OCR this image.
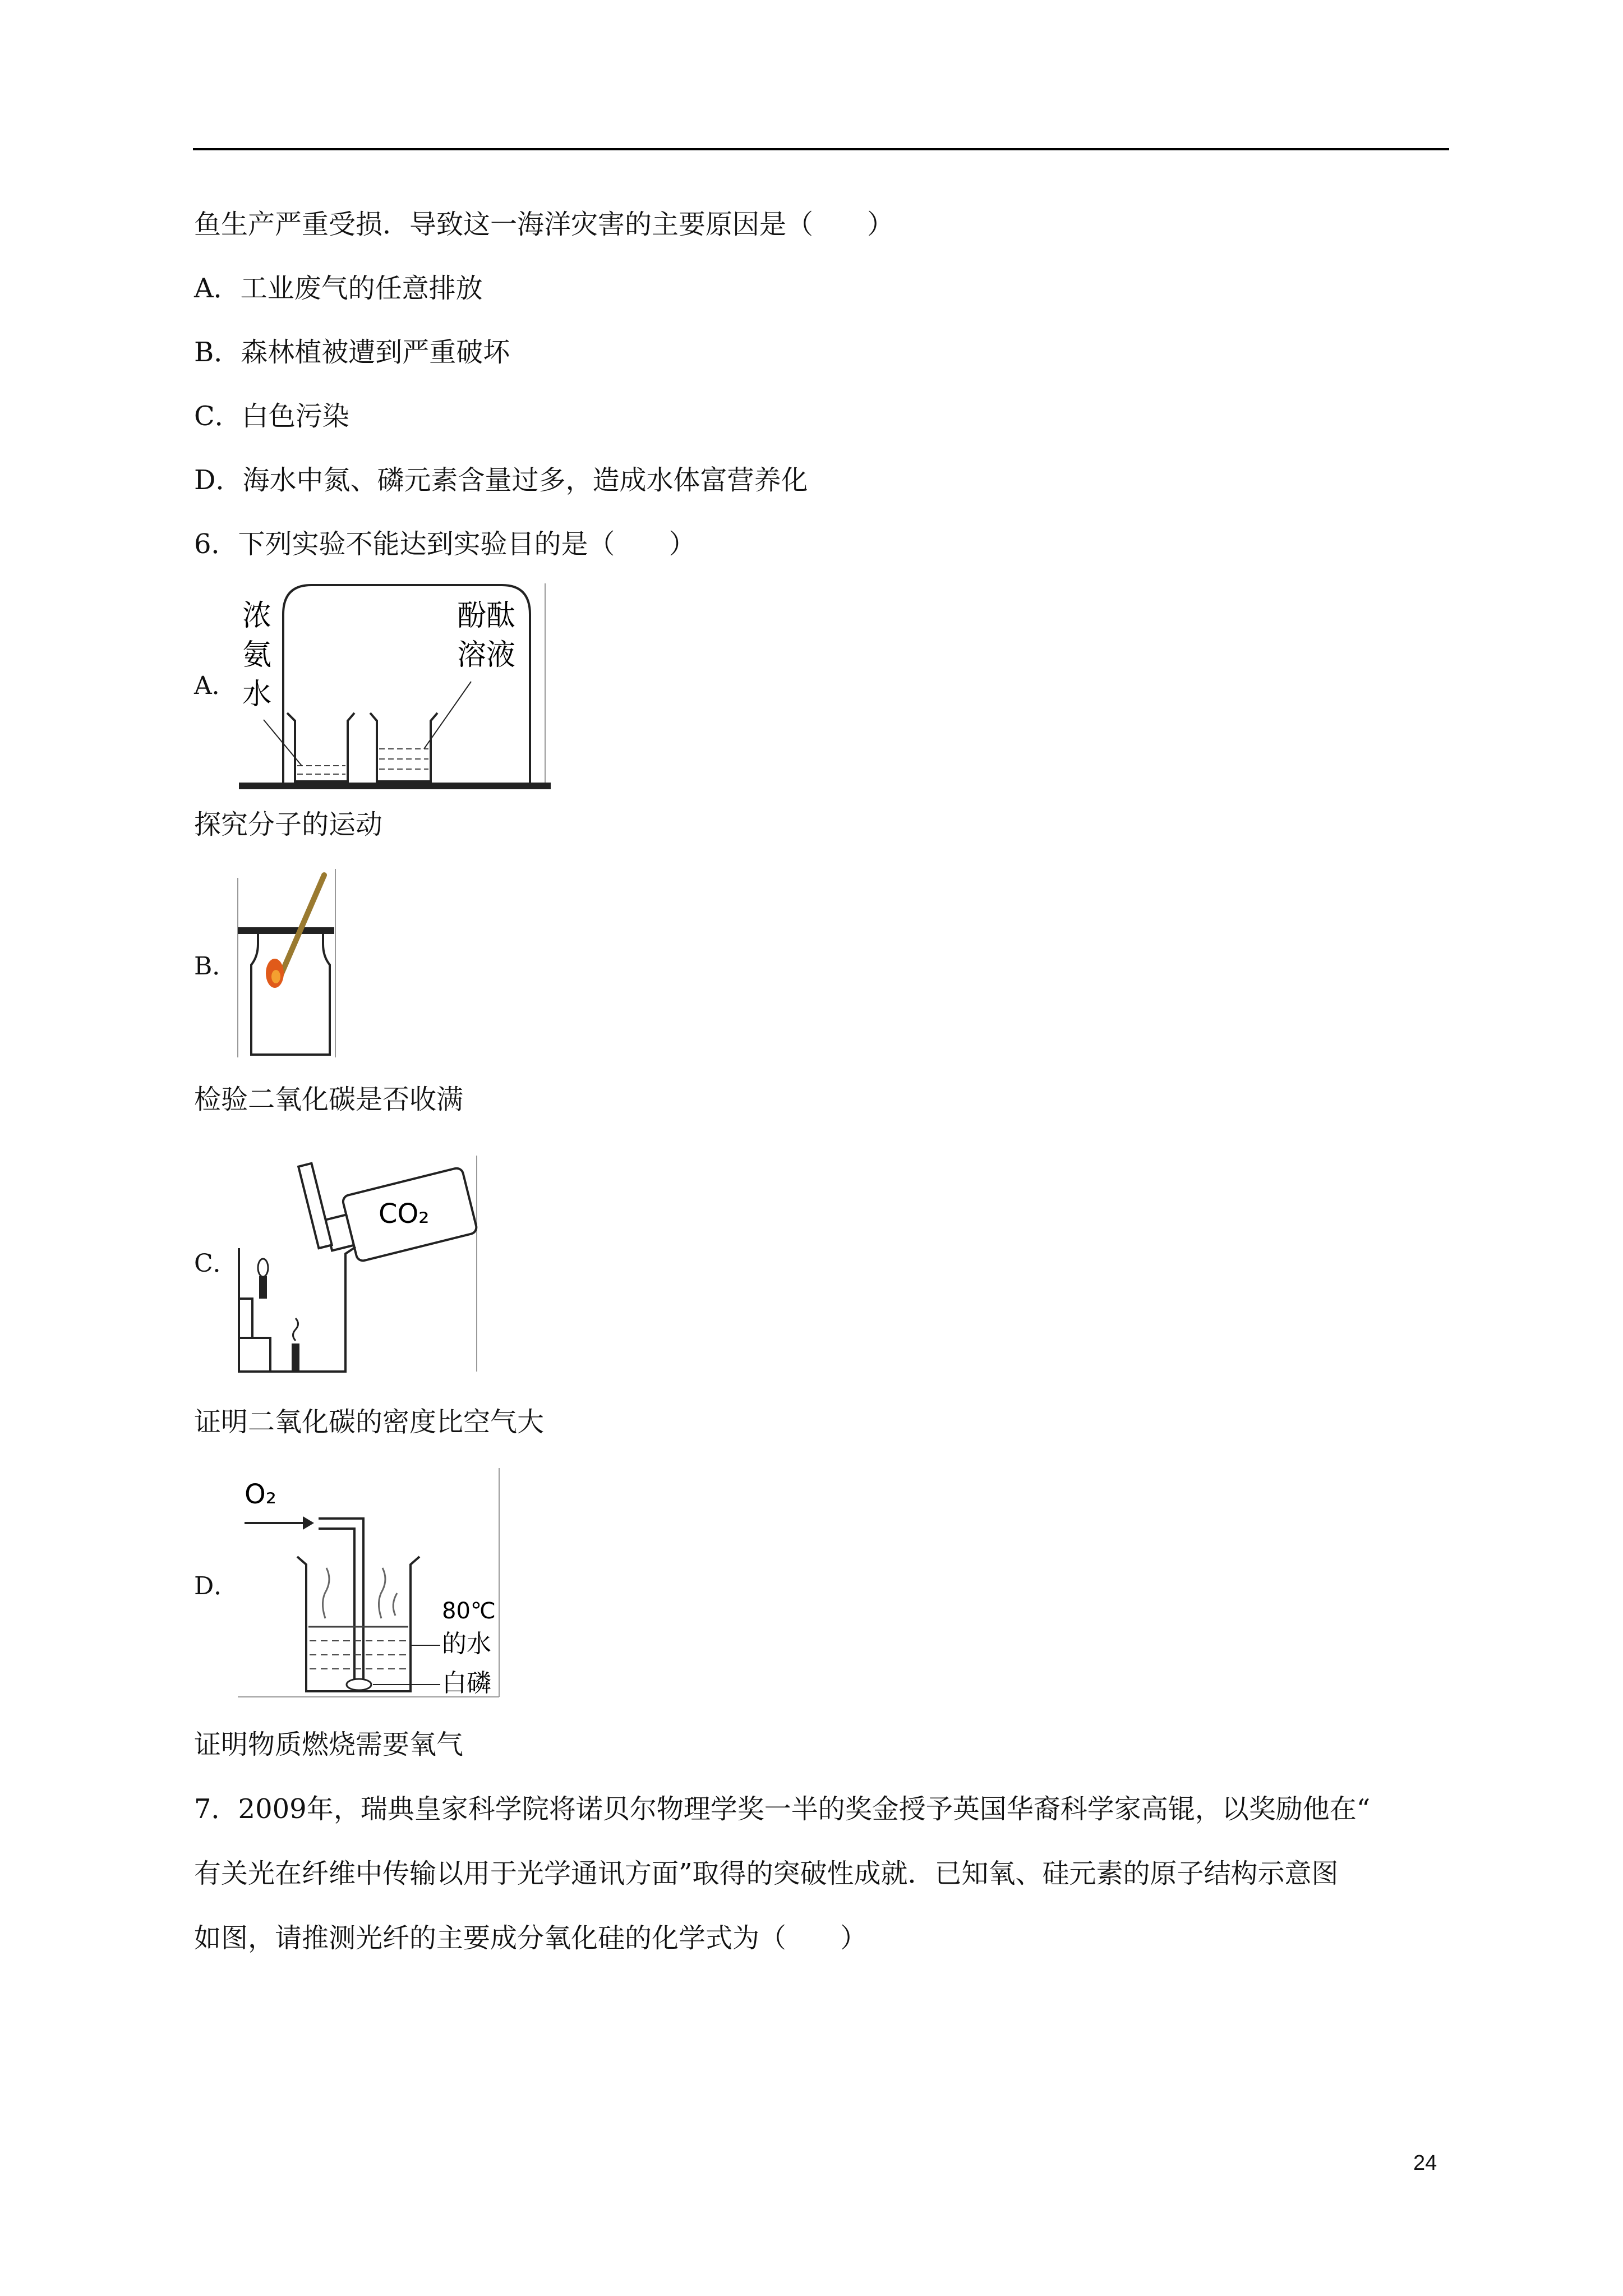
鱼生产严重受损．导致这一海洋灾害的主要原因是（　　）
A．工业废气的任意排放
B．森林植被遭到严重破坏
C．白色污染
D．海水中氮、磷元素含量过多，造成水体富营养化
6．下列实验不能达到实验目的是（　　）
A．
浓
氨
水
酚酞
溶液
探究分子的运动
B．
检验二氧化碳是否收满
C．
CO₂
证明二氧化碳的密度比空气大
D．
O₂
80℃
的水
白磷
证明物质燃烧需要氧气
7．2009年，瑞典皇家科学院将诺贝尔物理学奖一半的奖金授予英国华裔科学家高锟，以奖励他在“
有关光在纤维中传输以用于光学通讯方面”取得的突破性成就．已知氧、硅元素的原子结构示意图
如图，请推测光纤的主要成分氧化硅的化学式为（　　）
24
